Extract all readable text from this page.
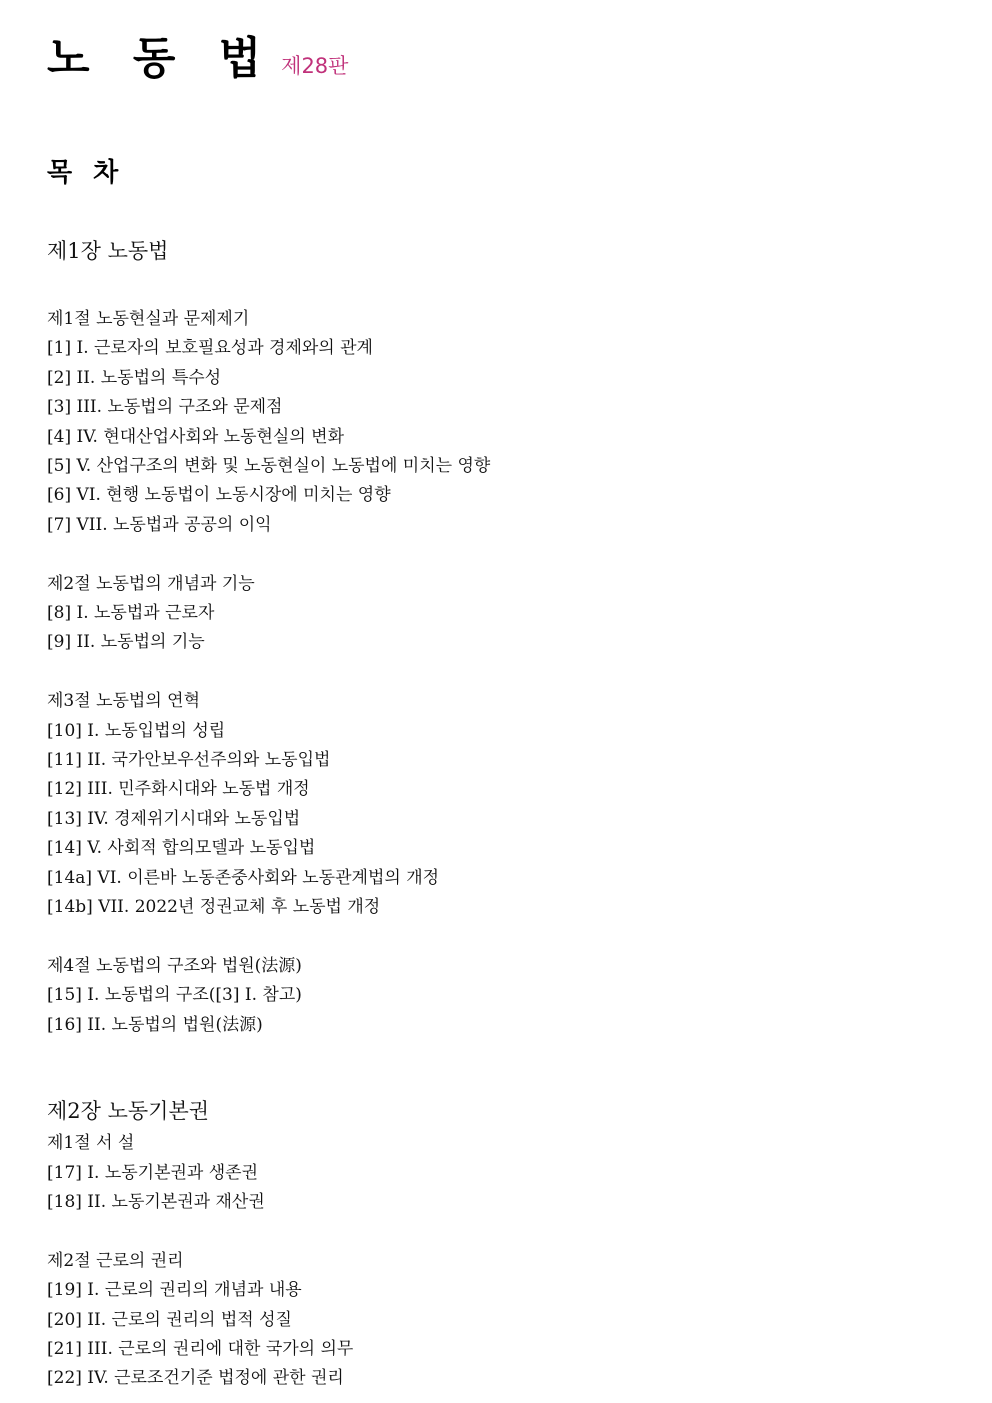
노 동 법 제28판
목 차
제1장 노동법
제1절 노동현실과 문제제기
[1] I. 근로자의 보호필요성과 경제와의 관계
[2] II. 노동법의 특수성
[3] III. 노동법의 구조와 문제점
[4] IV. 현대산업사회와 노동현실의 변화
[5] V. 산업구조의 변화 및 노동현실이 노동법에 미치는 영향
[6] VI. 현행 노동법이 노동시장에 미치는 영향
[7] VII. 노동법과 공공의 이익
제2절 노동법의 개념과 기능
[8] I. 노동법과 근로자
[9] II. 노동법의 기능
제3절 노동법의 연혁
[10] I. 노동입법의 성립
[11] II. 국가안보우선주의와 노동입법
[12] III. 민주화시대와 노동법 개정
[13] IV. 경제위기시대와 노동입법
[14] V. 사회적 합의모델과 노동입법
[14a] VI. 이른바 노동존중사회와 노동관계법의 개정
[14b] VII. 2022년 정권교체 후 노동법 개정
제4절 노동법의 구조와 법원(法源)
[15] I. 노동법의 구조([3] I. 참고)
[16] II. 노동법의 법원(法源)
제2장 노동기본권
제1절 서 설
[17] I. 노동기본권과 생존권
[18] II. 노동기본권과 재산권
제2절 근로의 권리
[19] I. 근로의 권리의 개념과 내용
[20] II. 근로의 권리의 법적 성질
[21] III. 근로의 권리에 대한 국가의 의무
[22] IV. 근로조건기준 법정에 관한 권리
